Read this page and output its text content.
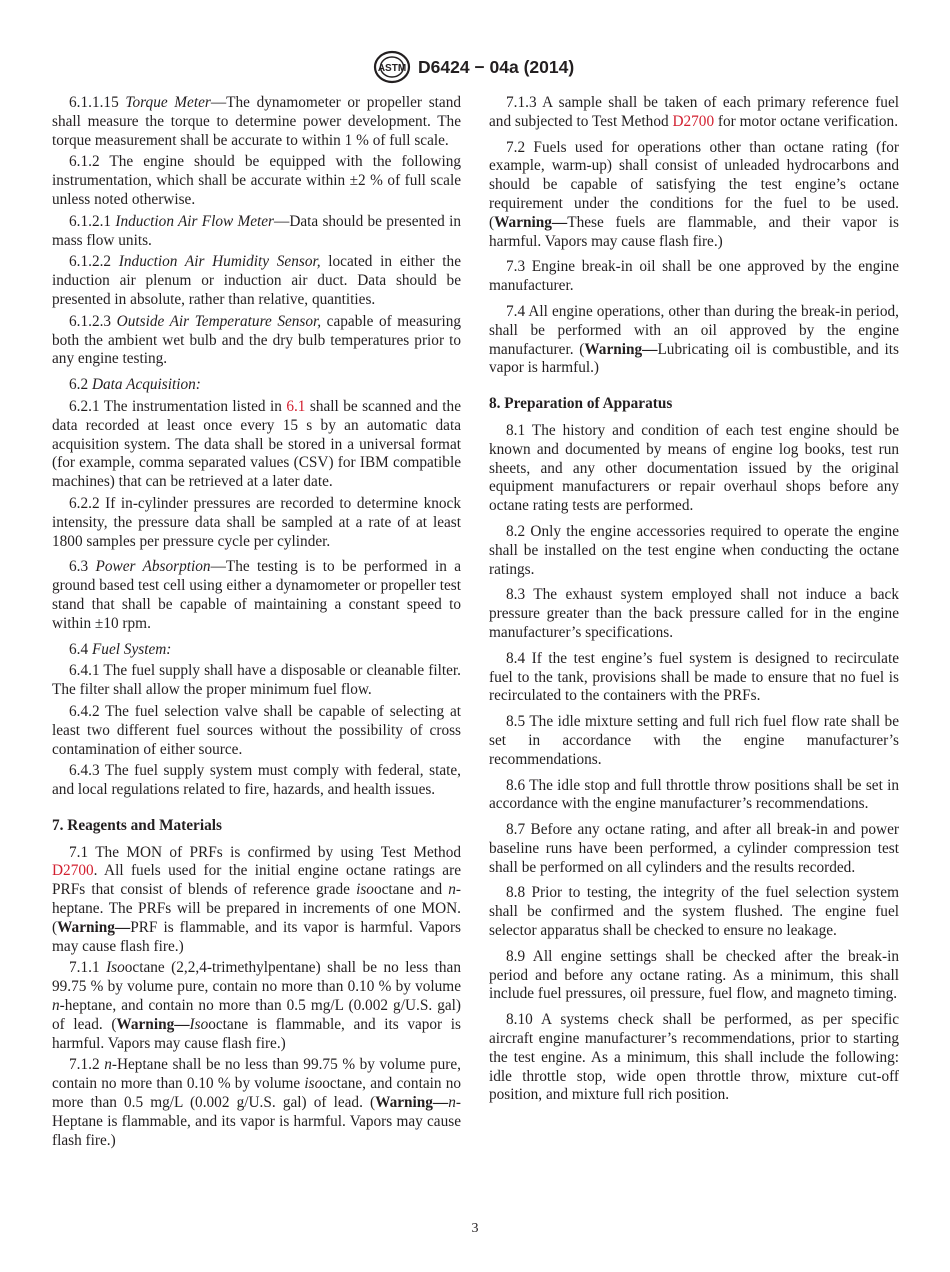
ASTM D6424 − 04a (2014)

6.1.1.15 Torque Meter—The dynamometer or propeller stand shall measure the torque to determine power development. The torque measurement shall be accurate to within 1 % of full scale.

6.1.2 The engine should be equipped with the following instrumentation, which shall be accurate within ±2 % of full scale unless noted otherwise.

6.1.2.1 Induction Air Flow Meter—Data should be presented in mass flow units.

6.1.2.2 Induction Air Humidity Sensor, located in either the induction air plenum or induction air duct. Data should be presented in absolute, rather than relative, quantities.

6.1.2.3 Outside Air Temperature Sensor, capable of measuring both the ambient wet bulb and the dry bulb temperatures prior to any engine testing.

6.2 Data Acquisition:

6.2.1 The instrumentation listed in 6.1 shall be scanned and the data recorded at least once every 15 s by an automatic data acquisition system. The data shall be stored in a universal format (for example, comma separated values (CSV) for IBM compatible machines) that can be retrieved at a later date.

6.2.2 If in-cylinder pressures are recorded to determine knock intensity, the pressure data shall be sampled at a rate of at least 1800 samples per pressure cycle per cylinder.

6.3 Power Absorption—The testing is to be performed in a ground based test cell using either a dynamometer or propeller test stand that shall be capable of maintaining a constant speed to within ±10 rpm.

6.4 Fuel System:

6.4.1 The fuel supply shall have a disposable or cleanable filter. The filter shall allow the proper minimum fuel flow.

6.4.2 The fuel selection valve shall be capable of selecting at least two different fuel sources without the possibility of cross contamination of either source.

6.4.3 The fuel supply system must comply with federal, state, and local regulations related to fire, hazards, and health issues.

7. Reagents and Materials

7.1 The MON of PRFs is confirmed by using Test Method D2700. All fuels used for the initial engine octane ratings are PRFs that consist of blends of reference grade isooctane and n-heptane. The PRFs will be prepared in increments of one MON. (Warning—PRF is flammable, and its vapor is harmful. Vapors may cause flash fire.)

7.1.1 Isooctane (2,2,4-trimethylpentane) shall be no less than 99.75 % by volume pure, contain no more than 0.10 % by volume n-heptane, and contain no more than 0.5 mg/L (0.002 g/U.S. gal) of lead. (Warning—Isooctane is flammable, and its vapor is harmful. Vapors may cause flash fire.)

7.1.2 n-Heptane shall be no less than 99.75 % by volume pure, contain no more than 0.10 % by volume isooctane, and contain no more than 0.5 mg/L (0.002 g/U.S. gal) of lead. (Warning—n-Heptane is flammable, and its vapor is harmful. Vapors may cause flash fire.)

7.1.3 A sample shall be taken of each primary reference fuel and subjected to Test Method D2700 for motor octane verification.

7.2 Fuels used for operations other than octane rating (for example, warm-up) shall consist of unleaded hydrocarbons and should be capable of satisfying the test engine’s octane requirement under the conditions for the fuel to be used. (Warning—These fuels are flammable, and their vapor is harmful. Vapors may cause flash fire.)

7.3 Engine break-in oil shall be one approved by the engine manufacturer.

7.4 All engine operations, other than during the break-in period, shall be performed with an oil approved by the engine manufacturer. (Warning—Lubricating oil is combustible, and its vapor is harmful.)

8. Preparation of Apparatus

8.1 The history and condition of each test engine should be known and documented by means of engine log books, test run sheets, and any other documentation issued by the original equipment manufacturers or repair overhaul shops before any octane rating tests are performed.

8.2 Only the engine accessories required to operate the engine shall be installed on the test engine when conducting the octane ratings.

8.3 The exhaust system employed shall not induce a back pressure greater than the back pressure called for in the engine manufacturer’s specifications.

8.4 If the test engine’s fuel system is designed to recirculate fuel to the tank, provisions shall be made to ensure that no fuel is recirculated to the containers with the PRFs.

8.5 The idle mixture setting and full rich fuel flow rate shall be set in accordance with the engine manufacturer’s recommendations.

8.6 The idle stop and full throttle throw positions shall be set in accordance with the engine manufacturer’s recommendations.

8.7 Before any octane rating, and after all break-in and power baseline runs have been performed, a cylinder compression test shall be performed on all cylinders and the results recorded.

8.8 Prior to testing, the integrity of the fuel selection system shall be confirmed and the system flushed. The engine fuel selector apparatus shall be checked to ensure no leakage.

8.9 All engine settings shall be checked after the break-in period and before any octane rating. As a minimum, this shall include fuel pressures, oil pressure, fuel flow, and magneto timing.

8.10 A systems check shall be performed, as per specific aircraft engine manufacturer’s recommendations, prior to starting the test engine. As a minimum, this shall include the following: idle throttle stop, wide open throttle throw, mixture cut-off position, and mixture full rich position.

3
